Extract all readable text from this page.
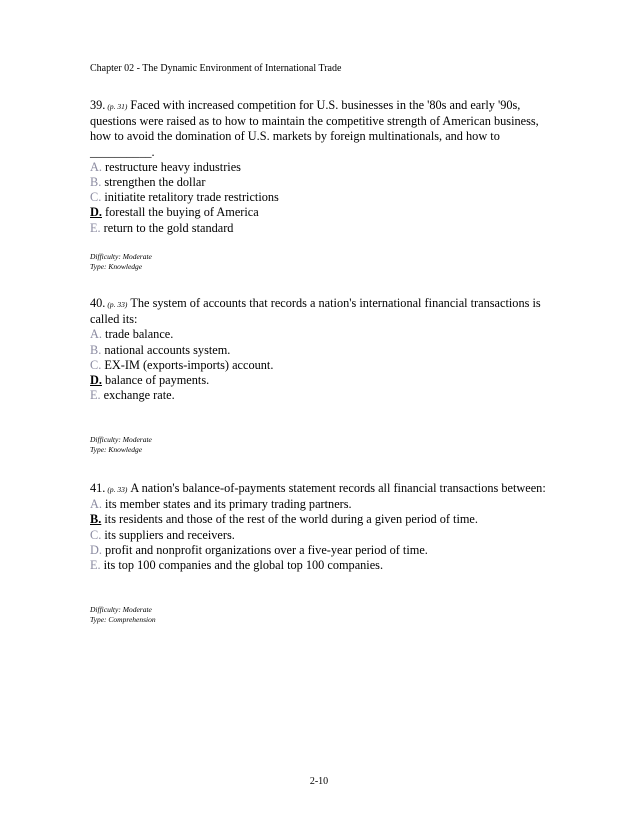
Chapter 02 - The Dynamic Environment of International Trade
39. (p. 31) Faced with increased competition for U.S. businesses in the '80s and early '90s, questions were raised as to how to maintain the competitive strength of American business, how to avoid the domination of U.S. markets by foreign multinationals, and how to __________.
A. restructure heavy industries
B. strengthen the dollar
C. initiatite retalitory trade restrictions
D. forestall the buying of America
E. return to the gold standard
Difficulty: Moderate
Type: Knowledge
40. (p. 33) The system of accounts that records a nation's international financial transactions is called its:
A. trade balance.
B. national accounts system.
C. EX-IM (exports-imports) account.
D. balance of payments.
E. exchange rate.
Difficulty: Moderate
Type: Knowledge
41. (p. 33) A nation's balance-of-payments statement records all financial transactions between:
A. its member states and its primary trading partners.
B. its residents and those of the rest of the world during a given period of time.
C. its suppliers and receivers.
D. profit and nonprofit organizations over a five-year period of time.
E. its top 100 companies and the global top 100 companies.
Difficulty: Moderate
Type: Comprehension
2-10
